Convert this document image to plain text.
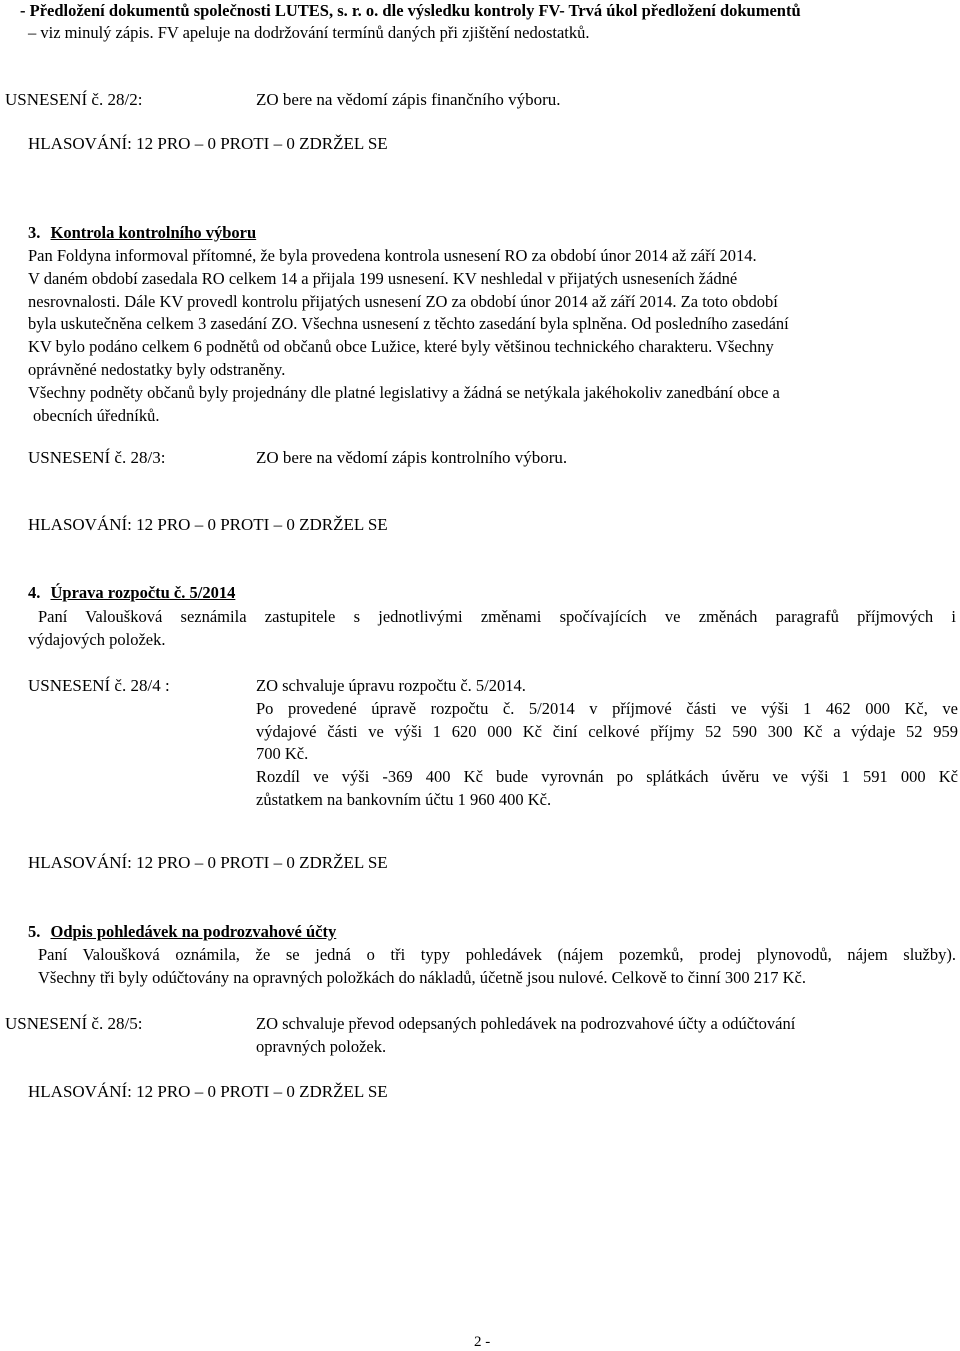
- Předložení dokumentů společnosti LUTES, s. r. o. dle výsledku kontroly FV- Trvá úkol předložení dokumentů
– viz minulý zápis. FV apeluje na dodržování termínů daných při zjištění nedostatků.
USNESENÍ č. 28/2:	ZO bere na vědomí zápis finančního výboru.
HLASOVÁNÍ: 12 PRO – 0 PROTI – 0 ZDRŽEL SE
3. Kontrola kontrolního výboru
Pan Foldyna informoval přítomné, že byla provedena kontrola usnesení RO za období únor 2014 až září 2014.
V daném období zasedala RO celkem 14 a přijala 199 usnesení. KV neshledal v přijatých usneseních žádné
nesrovnalosti. Dále KV provedl kontrolu přijatých usnesení ZO za období únor 2014 až září 2014. Za toto období
byla uskutečněna celkem 3 zasedání ZO. Všechna usnesení z těchto zasedání byla splněna. Od posledního zasedání
KV bylo podáno celkem 6 podnětů od občanů obce Lužice, které byly většinou technického charakteru. Všechny
oprávněné nedostatky byly odstraněny.
Všechny podněty občanů byly projednány dle platné legislativy a žádná se netýkala jakéhokoliv zanedbání obce a
obecních úředníků.
USNESENÍ č. 28/3:	ZO bere na vědomí zápis kontrolního výboru.
HLASOVÁNÍ: 12 PRO – 0 PROTI – 0 ZDRŽEL SE
4. Úprava rozpočtu č. 5/2014
Paní Valoušková seznámila zastupitele s jednotlivými změnami spočívajících ve změnách paragrafů příjmových i
výdajových položek.
USNESENÍ č. 28/4 :	ZO schvaluje úpravu rozpočtu č. 5/2014.
Po provedené úpravě rozpočtu č. 5/2014 v příjmové části ve výši 1 462 000 Kč, ve
výdajové části ve výši 1 620 000 Kč činí celkové příjmy 52 590 300 Kč a výdaje 52 959
700 Kč.
Rozdíl ve výši -369 400 Kč bude vyrovnán po splátkách úvěru ve výši 1 591 000 Kč
zůstatkem na bankovním účtu 1 960 400 Kč.
HLASOVÁNÍ: 12 PRO – 0 PROTI – 0 ZDRŽEL SE
5. Odpis pohledávek na podrozvahové účty
Paní Valoušková oznámila, že se jedná o tři typy pohledávek (nájem pozemků, prodej plynovodů, nájem služby).
Všechny tři byly odúčtovány na opravných položkách do nákladů, účetně jsou nulové. Celkově to činní 300 217 Kč.
USNESENÍ č. 28/5:	ZO schvaluje převod odepsaných pohledávek na podrozvahové účty a odúčtování
opravných položek.
HLASOVÁNÍ: 12 PRO – 0 PROTI – 0 ZDRŽEL SE
2 -
